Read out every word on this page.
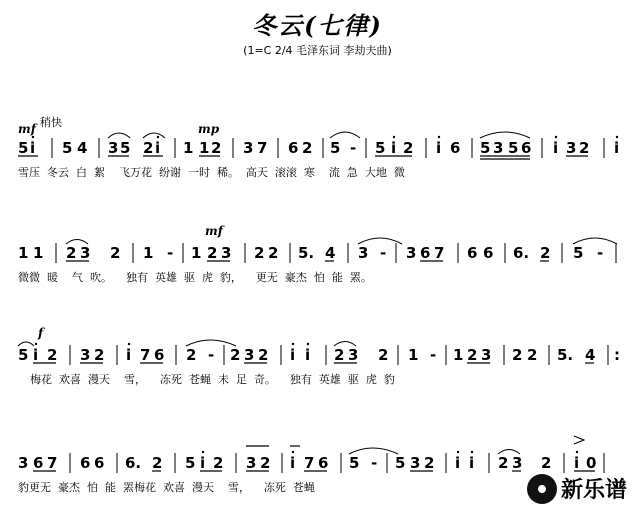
冬云(七律)
(1=C 2/4 毛泽东词 李劫夫曲)
mf 稍快	mp
5 i 5 4 3 5 2 i 1 1 2 3 7 6 2 5 - 5 i 2 i 6 5 3 5 6 i 3 2 i
雪压  冬云  白  絮    飞万花  纷谢  一时  稀。  高天  滚滚  寒    流  急  大地  微
mf
1 1 2 3 2 1 - 1 2 3 2 2 5. 4 3 - 3 6 7 6 6 6. 2 5 -
微微  暖    气  吹。    独有  英雄  驱  虎  豹，    更无  豪杰  怕  能  罴。
f
5 i 2 3 2 i 7 6 2 - 2 3 2 i i 2 3 2 1 - 1 2 3 2 2 5. 4 :
梅花  欢喜  漫天    雪，    冻死  苍蝇  未  足  奇。    独有  英雄  驱  虎  豹
3 6 7 6 6 6. 2 5 i 2 3 2 i 7 6 5 - 5 3 2 i i 2 3 2 i 0
豹更无  豪杰  怕  能  罴梅花  欢喜  漫天    雪，    冻死  苍蝇	新乐谱
